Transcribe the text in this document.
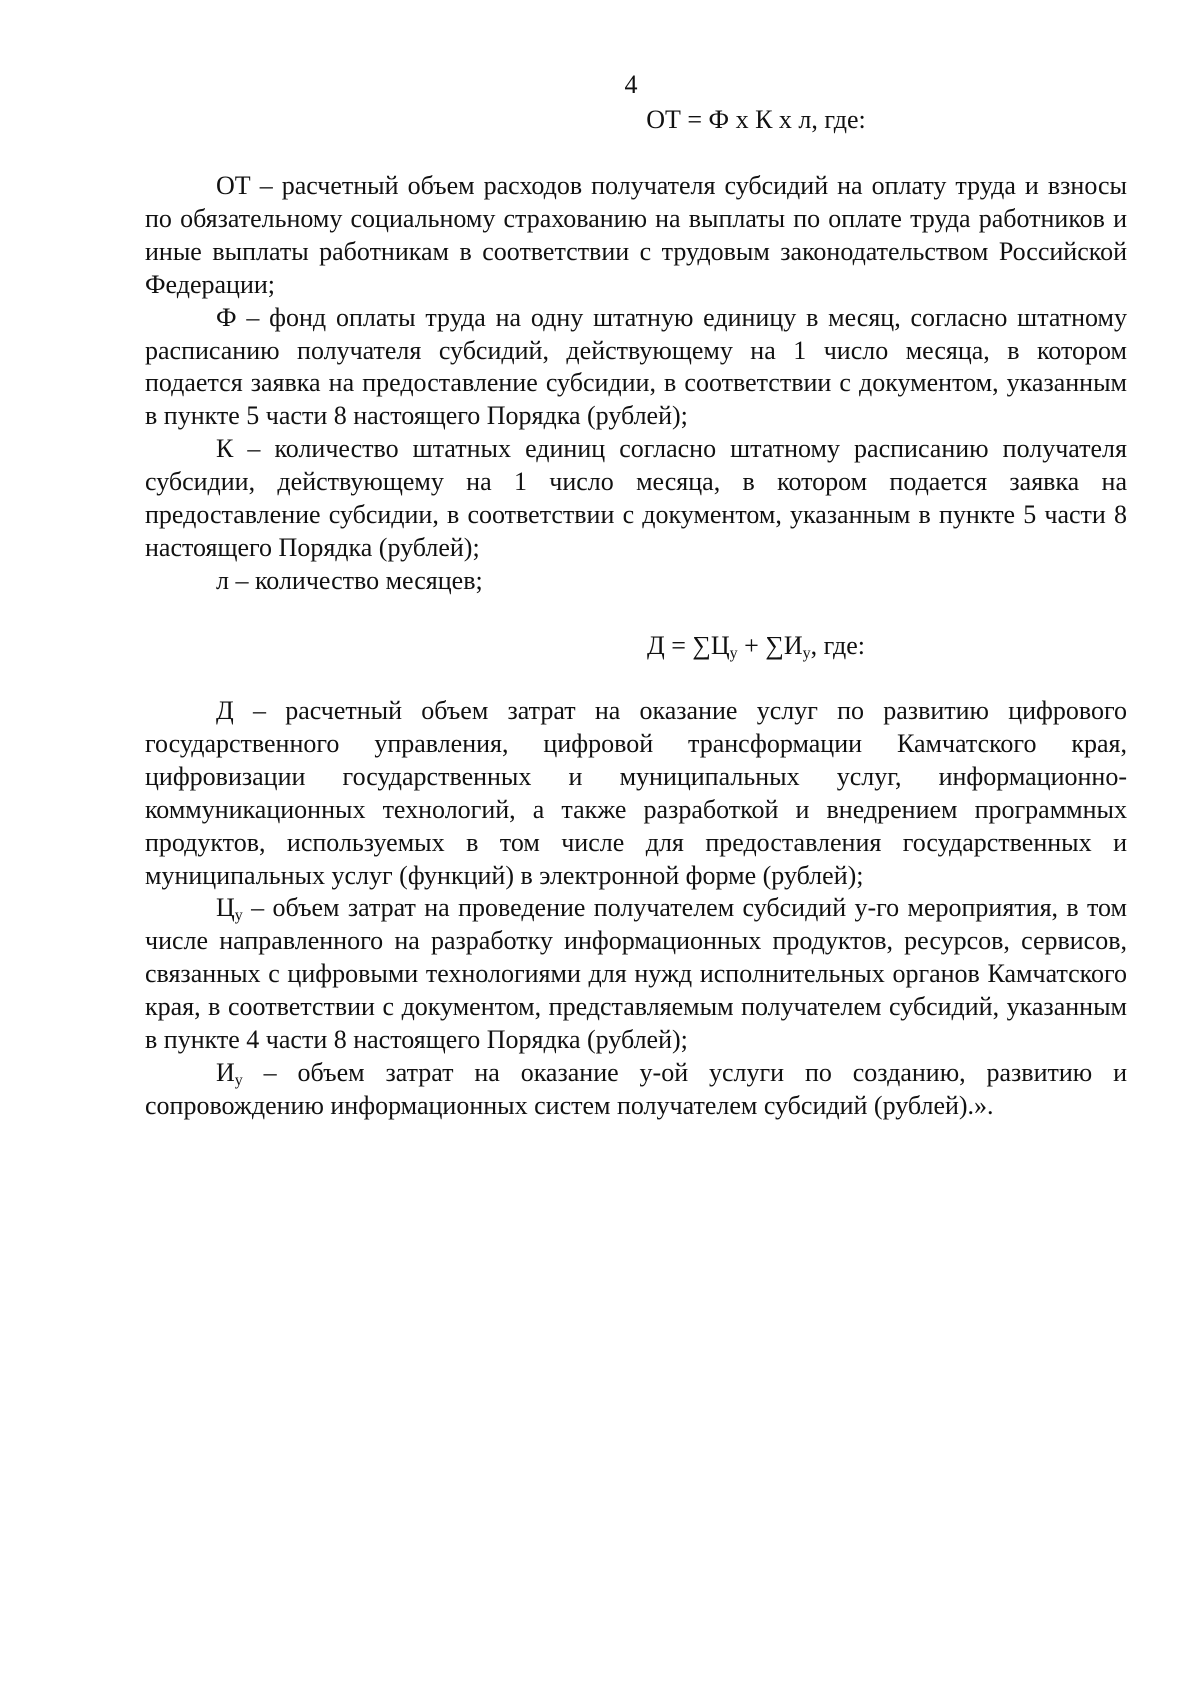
4
ОТ = Ф x К x л, где:

ОТ – расчетный объем расходов получателя субсидий на оплату труда и взносы по обязательному социальному страхованию на выплаты по оплате труда работников и иные выплаты работникам в соответствии с трудовым законодательством Российской Федерации;

Ф – фонд оплаты труда на одну штатную единицу в месяц, согласно штатному расписанию получателя субсидий, действующему на 1 число месяца, в котором подается заявка на предоставление субсидии, в соответствии с документом, указанным в пункте 5 части 8 настоящего Порядка (рублей);

К – количество штатных единиц согласно штатному расписанию получателя субсидии, действующему на 1 число месяца, в котором подается заявка на предоставление субсидии, в соответствии с документом, указанным в пункте 5 части 8 настоящего Порядка (рублей);

л – количество месяцев;

$Д = \sum Ц_у + \sum И_у$, где:

Д – расчетный объем затрат на оказание услуг по развитию цифрового государственного управления, цифровой трансформации Камчатского края, цифровизации государственных и муниципальных услуг, информационно-коммуникационных технологий, а также разработкой и внедрением программных продуктов, используемых в том числе для предоставления государственных и муниципальных услуг (функций) в электронной форме (рублей);

$Ц_у$ – объем затрат на проведение получателем субсидий у-го мероприятия, в том числе направленного на разработку информационных продуктов, ресурсов, сервисов, связанных с цифровыми технологиями для нужд исполнительных органов Камчатского края, в соответствии с документом, представляемым получателем субсидий, указанным в пункте 4 части 8 настоящего Порядка (рублей);

$И_у$ – объем затрат на оказание у-ой услуги по созданию, развитию и сопровождению информационных систем получателем субсидий (рублей).».
